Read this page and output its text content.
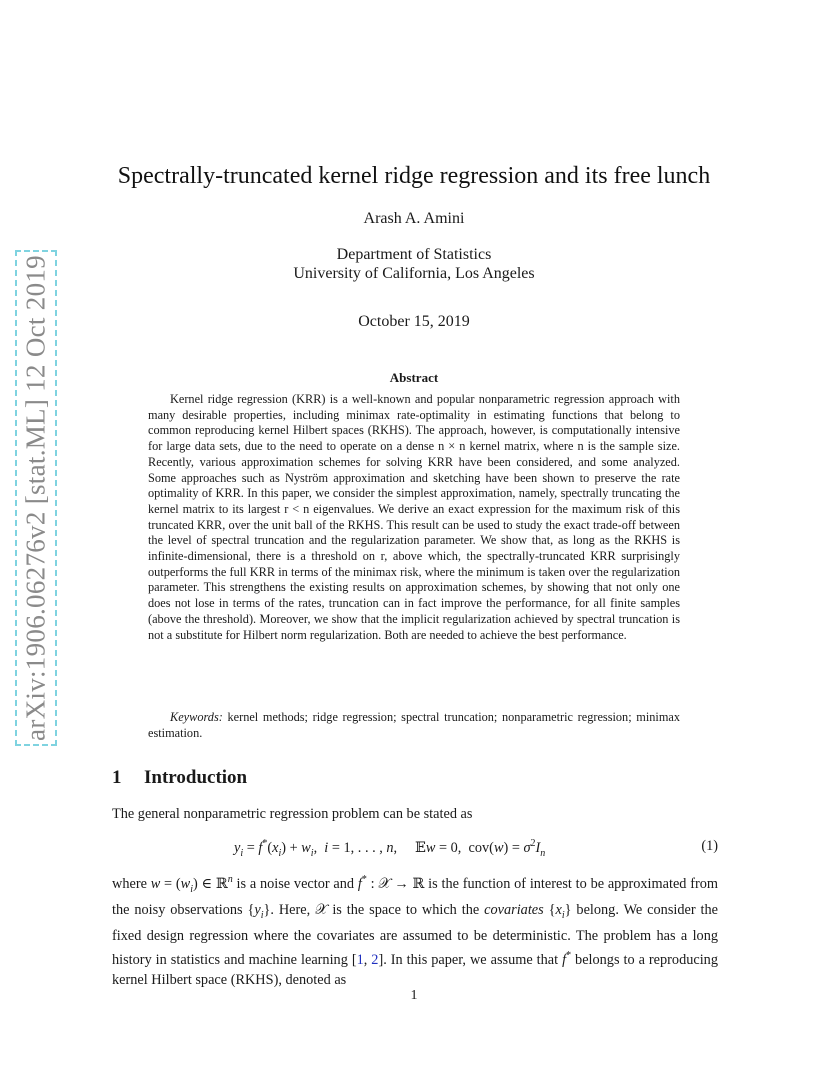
arXiv:1906.06276v2 [stat.ML] 12 Oct 2019
Spectrally-truncated kernel ridge regression and its free lunch
Arash A. Amini
Department of Statistics
University of California, Los Angeles
October 15, 2019
Abstract
Kernel ridge regression (KRR) is a well-known and popular nonparametric regression approach with many desirable properties, including minimax rate-optimality in estimating functions that belong to common reproducing kernel Hilbert spaces (RKHS). The approach, however, is computationally intensive for large data sets, due to the need to operate on a dense n × n kernel matrix, where n is the sample size. Recently, various approximation schemes for solving KRR have been considered, and some analyzed. Some approaches such as Nyström approximation and sketching have been shown to preserve the rate optimality of KRR. In this paper, we consider the simplest approximation, namely, spectrally truncating the kernel matrix to its largest r < n eigenvalues. We derive an exact expression for the maximum risk of this truncated KRR, over the unit ball of the RKHS. This result can be used to study the exact trade-off between the level of spectral truncation and the regularization parameter. We show that, as long as the RKHS is infinite-dimensional, there is a threshold on r, above which, the spectrally-truncated KRR surprisingly outperforms the full KRR in terms of the minimax risk, where the minimum is taken over the regularization parameter. This strengthens the existing results on approximation schemes, by showing that not only one does not lose in terms of the rates, truncation can in fact improve the performance, for all finite samples (above the threshold). Moreover, we show that the implicit regularization achieved by spectral truncation is not a substitute for Hilbert norm regularization. Both are needed to achieve the best performance.
Keywords: kernel methods; ridge regression; spectral truncation; nonparametric regression; minimax estimation.
1 Introduction
The general nonparametric regression problem can be stated as
$y_i = f^*(x_i) + w_i$,  i = 1, . . . , n,     𝔼w = 0,  $cov(w) = \sigma^2I_n$	(1)
where $w = (w_i)$ ∈ ℝ$^n$ is a noise vector and f* : 𝒳 → ℝ is the function of interest to be approximated from the noisy observations $\{y_i\}$. Here, 𝒳 is the space to which the covariates $\{x_i\}$ belong. We consider the fixed design regression where the covariates are assumed to be deterministic. The problem has a long history in statistics and machine learning [1, 2]. In this paper, we assume that f* belongs to a reproducing kernel Hilbert space (RKHS), denoted as
1
